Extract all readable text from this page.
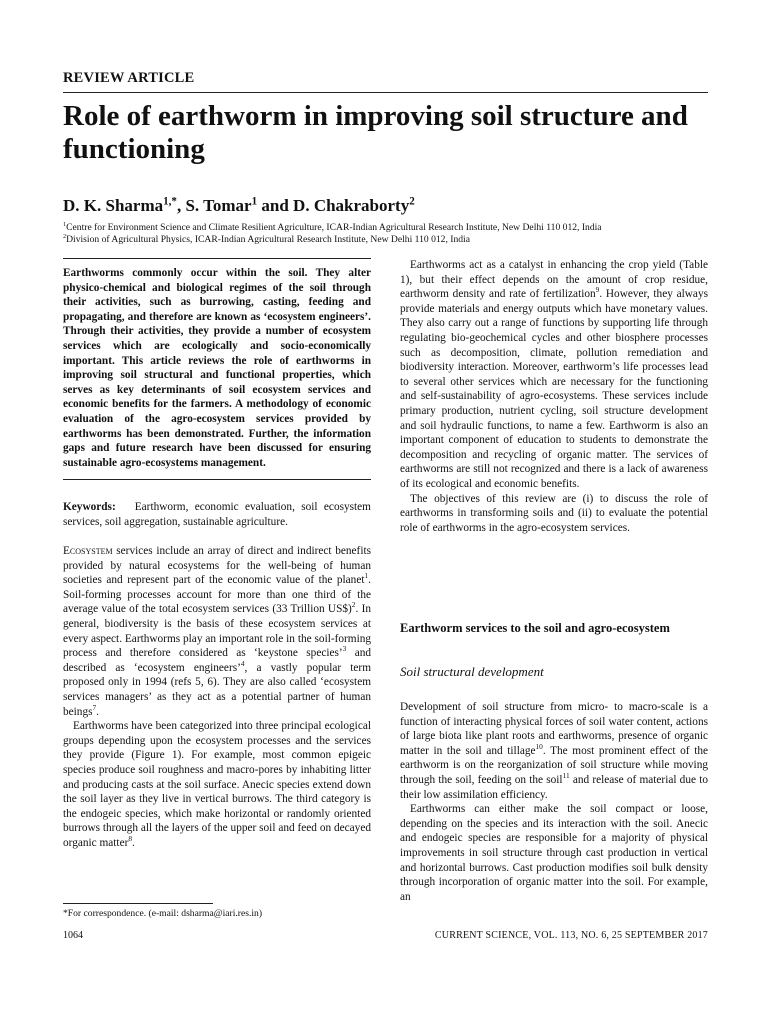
REVIEW ARTICLE
Role of earthworm in improving soil structure and functioning
D. K. Sharma$^{1,*}$, S. Tomar$^1$ and D. Chakraborty$^2$
$^1$Centre for Environment Science and Climate Resilient Agriculture, ICAR-Indian Agricultural Research Institute, New Delhi 110 012, India
$^2$Division of Agricultural Physics, ICAR-Indian Agricultural Research Institute, New Delhi 110 012, India
Earthworms commonly occur within the soil. They alter physico-chemical and biological regimes of the soil through their activities, such as burrowing, casting, feeding and propagating, and therefore are known as ‘ecosystem engineers’. Through their activities, they provide a number of ecosystem services which are ecologically and socio-economically important. This article reviews the role of earthworms in improving soil structural and functional properties, which serves as key determinants of soil ecosystem services and economic benefits for the farmers. A methodology of economic evaluation of the agro-ecosystem services provided by earthworms has been demonstrated. Further, the information gaps and future research have been discussed for ensuring sustainable agro-ecosystems management.
Keywords: Earthworm, economic evaluation, soil ecosystem services, soil aggregation, sustainable agriculture.

Ecosystem services include an array of direct and indirect benefits provided by natural ecosystems for the well-being of human societies and represent part of the economic value of the planet$^1$. Soil-forming processes account for more than one third of the average value of the total ecosystem services (33 Trillion US$)$^2$. In general, biodiversity is the basis of these ecosystem services at every aspect. Earthworms play an important role in the soil-forming process and therefore considered as ‘keystone species’$^3$ and described as ‘ecosystem engineers’$^4$, a vastly popular term proposed only in 1994 (refs 5, 6). They are also called ‘ecosystem services managers’ as they act as a potential partner of human beings$^7$.

Earthworms have been categorized into three principal ecological groups depending upon the ecosystem processes and the services they provide (Figure 1). For example, most common epigeic species produce soil roughness and macro-pores by inhabiting litter and producing casts at the soil surface. Anecic species extend down the soil layer as they live in vertical burrows. The third category is the endogeic species, which make horizontal or randomly oriented burrows through all the layers of the upper soil and feed on decayed organic matter$^8$.

Earthworms act as a catalyst in enhancing the crop yield (Table 1), but their effect depends on the amount of crop residue, earthworm density and rate of fertilization$^9$. However, they always provide materials and energy outputs which have monetary values. They also carry out a range of functions by supporting life through regulating bio-geochemical cycles and other biosphere processes such as decomposition, climate, pollution remediation and biodiversity interaction. Moreover, earthworm’s life processes lead to several other services which are necessary for the functioning and self-sustainability of agro-ecosystems. These services include primary production, nutrient cycling, soil structure development and soil hydraulic functions, to name a few. Earthworm is also an important component of education to students to demonstrate the decomposition and recycling of organic matter. The services of earthworms are still not recognized and there is a lack of awareness of its ecological and economic benefits.

The objectives of this review are (i) to discuss the role of earthworms in transforming soils and (ii) to evaluate the potential role of earthworms in the agro-ecosystem services.

Earthworm services to the soil and agro-ecosystem
Soil structural development

Development of soil structure from micro- to macro-scale is a function of interacting physical forces of soil water content, actions of large biota like plant roots and earthworms, presence of organic matter in the soil and tillage$^{10}$. The most prominent effect of the earthworm is on the reorganization of soil structure while moving through the soil, feeding on the soil$^{11}$ and release of material due to their low assimilation efficiency.

Earthworms can either make the soil compact or loose, depending on the species and its interaction with the soil. Anecic and endogeic species are responsible for a majority of physical improvements in soil structure through cast production in vertical and horizontal burrows. Cast production modifies soil bulk density through incorporation of organic matter into the soil. For example, an

*For correspondence. (e-mail: dsharma@iari.res.in)
1064	CURRENT SCIENCE, VOL. 113, NO. 6, 25 SEPTEMBER 2017
